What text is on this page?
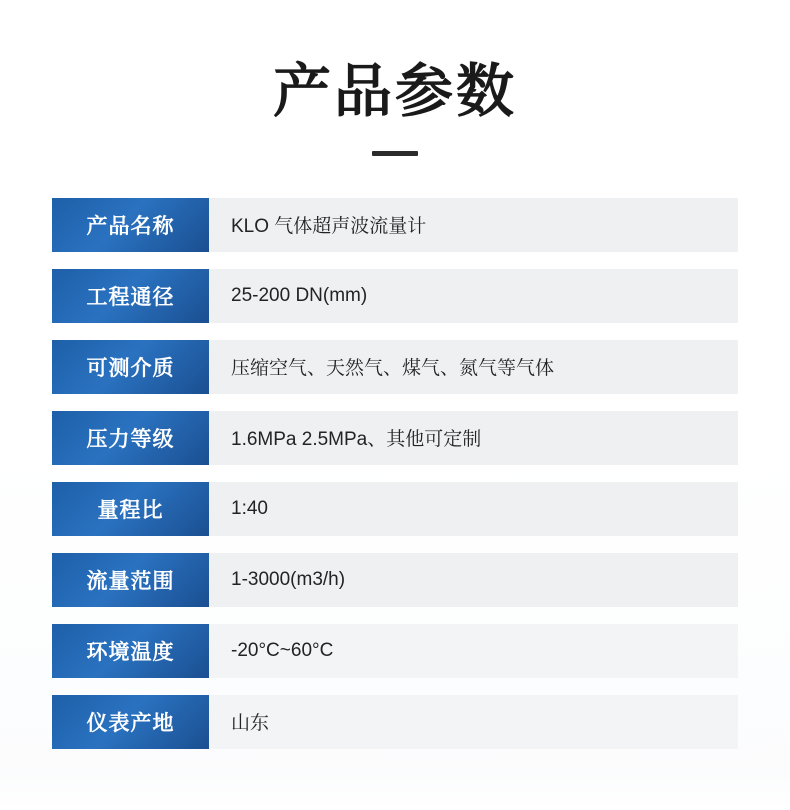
产品参数
产品名称	KLO 气体超声波流量计
工程通径	25-200 DN(mm)
可测介质	压缩空气、天然气、煤气、氮气等气体
压力等级	1.6MPa 2.5MPa、其他可定制
量程比	1:40
流量范围	1-3000(m3/h)
环境温度	-20°C~60°C
仪表产地	山东
